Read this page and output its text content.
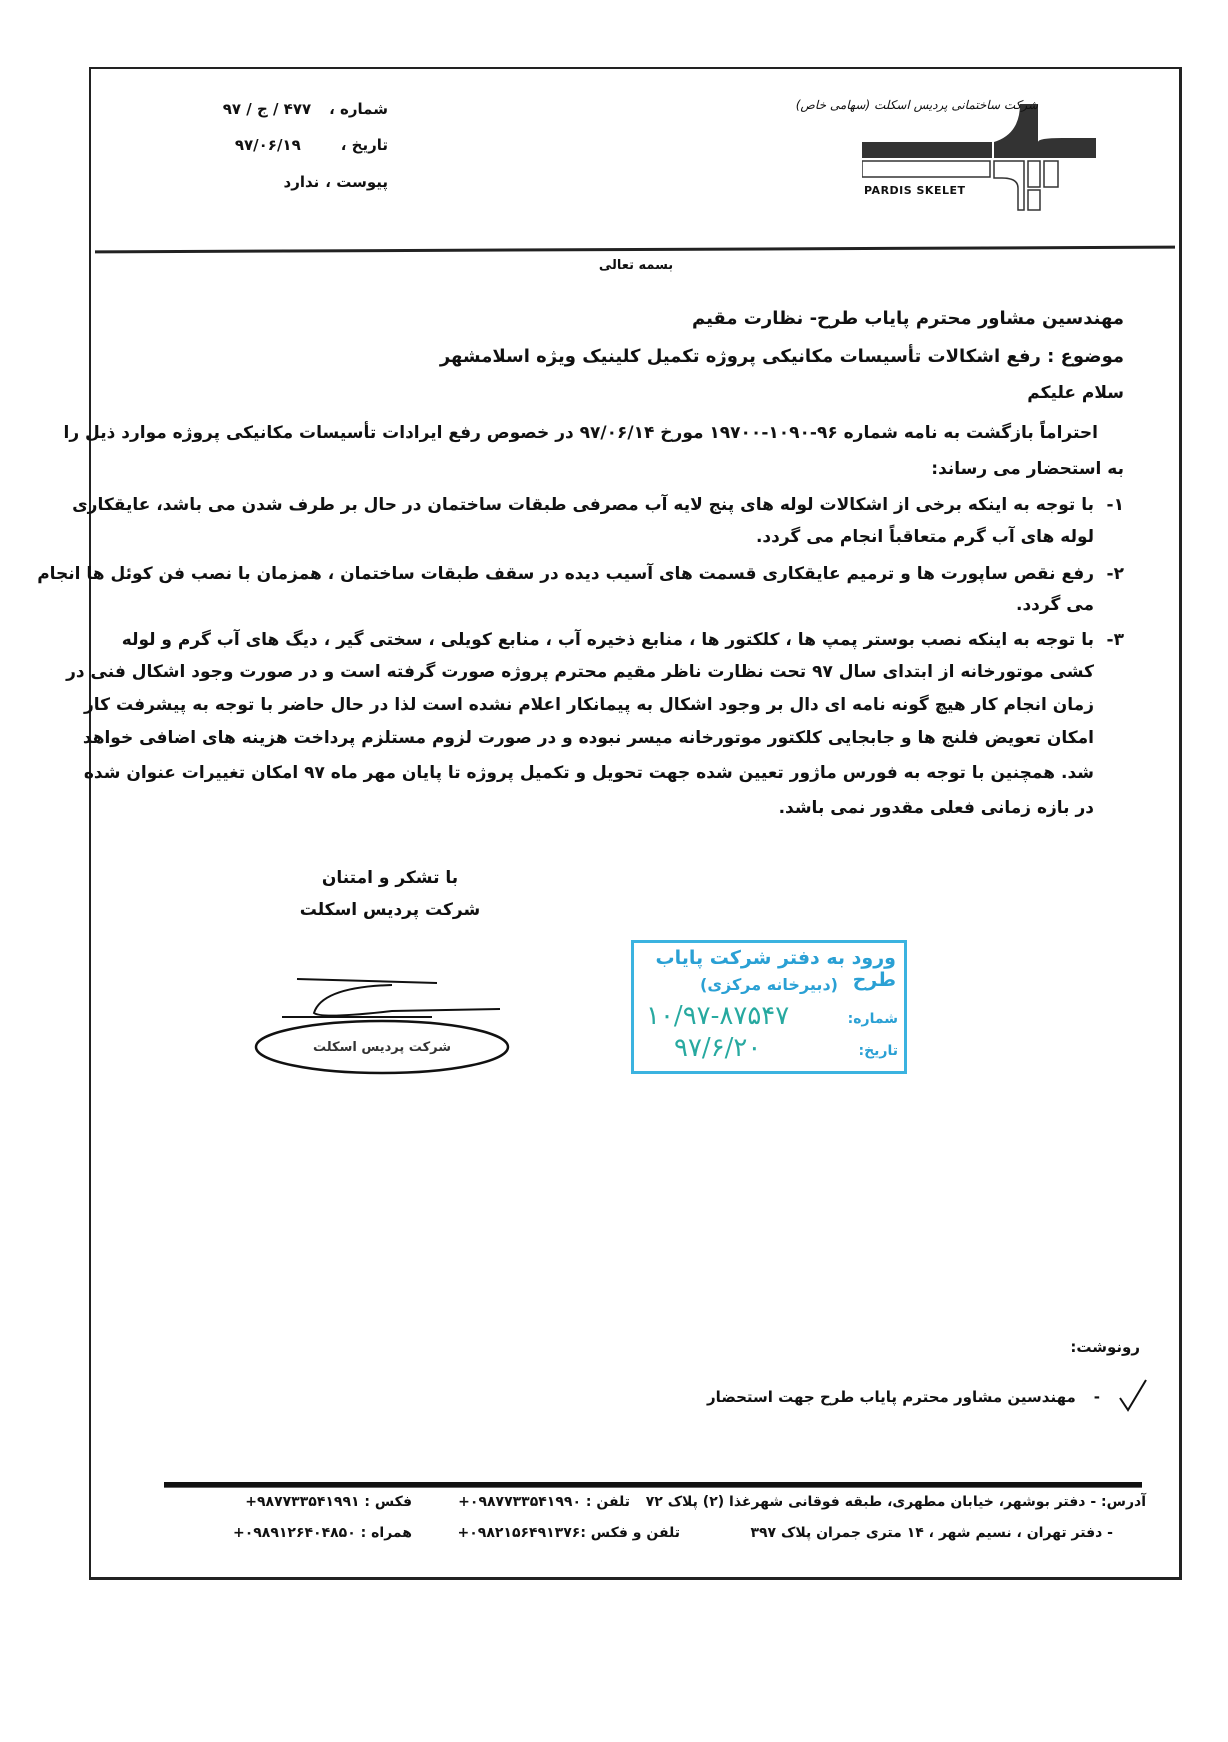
شماره ،۴۷۷ / ج / ۹۷
تاریخ ،۹۷/۰۶/۱۹
پیوست ،ندارد
شرکت ساختمانی پردیس اسکلت (سهامی خاص)
PARDIS SKELET
بسمه تعالی
مهندسین مشاور محترم پایاب طرح- نظارت مقیم
موضوع : رفع اشکالات تأسیسات مکانیکی پروژه تکمیل کلینیک ویژه اسلامشهر
سلام علیکم
احتراماً بازگشت به نامه شماره ۹۶-۱۰۹۰-۱۹۷۰۰ مورخ ۹۷/۰۶/۱۴ در خصوص رفع ایرادات تأسیسات مکانیکی پروژه موارد ذیل را
به استحضار می رساند:
۱-
با توجه به اینکه برخی از اشکالات لوله های پنج لایه آب مصرفی طبقات ساختمان در حال بر طرف شدن می باشد، عایقکاری
لوله های آب گرم متعاقباً انجام می گردد.
۲-
رفع نقص ساپورت ها و ترمیم عایقکاری قسمت های آسیب دیده در سقف طبقات ساختمان ، همزمان با نصب فن کوئل ها انجام
می گردد.
۳-
با توجه به اینکه نصب بوستر پمپ ها ، کلکتور ها ، منابع ذخیره آب ، منابع کویلی ، سختی گیر ، دیگ های آب گرم و لوله
کشی موتورخانه از ابتدای سال ۹۷ تحت نظارت ناظر مقیم محترم پروژه صورت گرفته است و در صورت وجود اشکال فنی در
زمان انجام کار هیچ گونه نامه ای دال بر وجود اشکال به پیمانکار اعلام نشده است لذا در حال حاضر با توجه به پیشرفت کار
امکان تعویض فلنج ها و جابجایی کلکتور موتورخانه میسر نبوده و در صورت لزوم مستلزم پرداخت هزینه های اضافی خواهد
شد. همچنین با توجه به فورس ماژور تعیین شده جهت تحویل و تکمیل پروژه تا پایان مهر ماه ۹۷ امکان تغییرات عنوان شده
در بازه زمانی فعلی مقدور نمی باشد.
با تشکر و امتنان
شرکت پردیس اسکلت
شرکت پردیس اسکلت
ورود به دفتر شرکت پایاب طرح
(دبیرخانه مرکزی)
شماره:
تاریخ:
۱۰/۹۷-۸۷۵۴۷
۹۷/۶/۲۰
رونوشت:
-مهندسین مشاور محترم پایاب طرح جهت استحضار
آدرس: - دفتر بوشهر، خیابان مطهری، طبقه فوقانی شهرغذا (۲) پلاک ۷۲
تلفن : ۰۹۸۷۷۳۳۵۴۱۹۹۰+
فکس : ۹۸۷۷۳۳۵۴۱۹۹۱+
- دفتر تهران ، نسیم شهر ، ۱۴ متری جمران پلاک ۳۹۷
تلفن و فکس :۰۹۸۲۱۵۶۴۹۱۳۷۶+
همراه : ۰۹۸۹۱۲۶۴۰۴۸۵۰+
